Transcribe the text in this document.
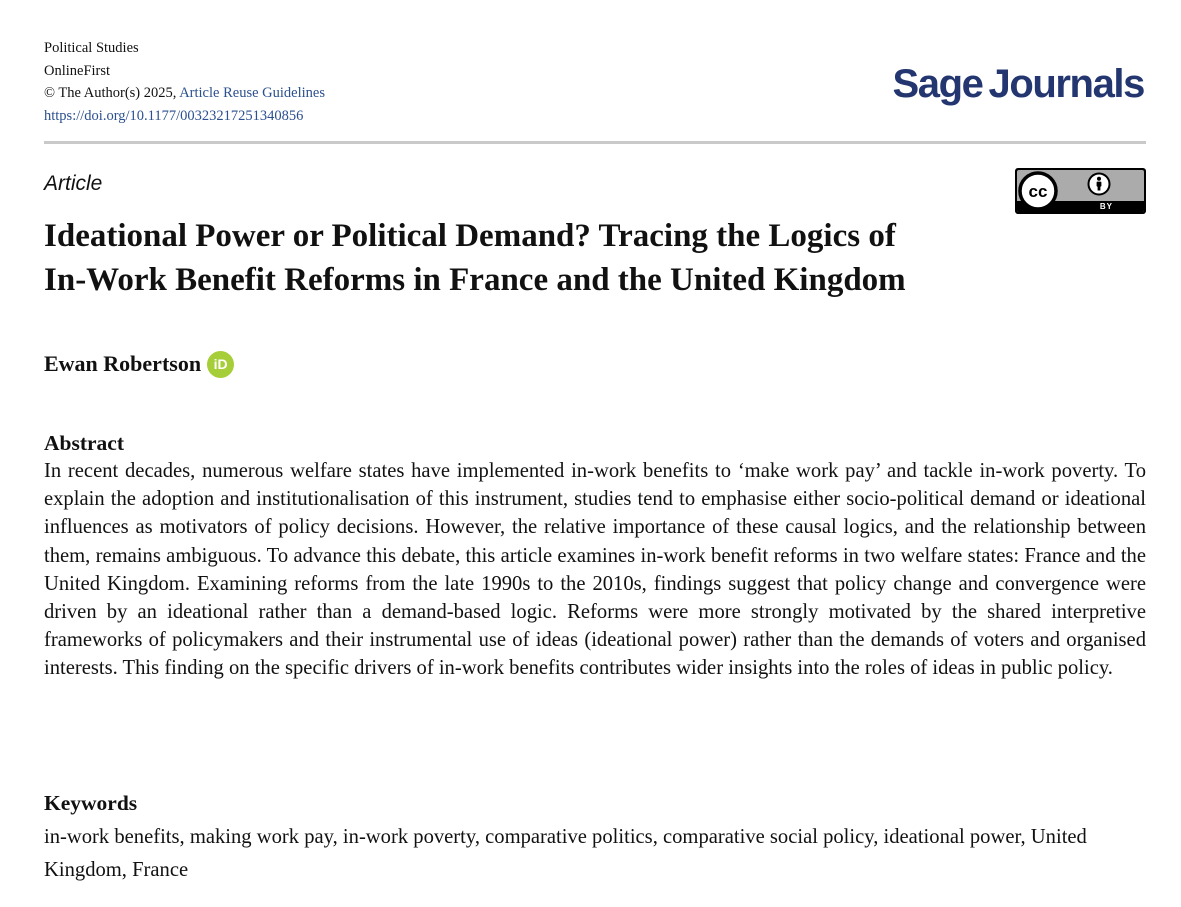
Political Studies
OnlineFirst
© The Author(s) 2025, Article Reuse Guidelines
https://doi.org/10.1177/00323217251340856
Sage Journals
Article	cc
BY
Ideational Power or Political Demand? Tracing the Logics of
In-Work Benefit Reforms in France and the United Kingdom
Ewan Robertson iD
Abstract

In recent decades, numerous welfare states have implemented in-work benefits to ‘make work pay’ and tackle in-work poverty. To explain the adoption and institutionalisation of this instrument, studies tend to emphasise either socio-political demand or ideational influences as motivators of policy decisions. However, the relative importance of these causal logics, and the relationship between them, remains ambiguous. To advance this debate, this article examines in-work benefit reforms in two welfare states: France and the United Kingdom. Examining reforms from the late 1990s to the 2010s, findings suggest that policy change and convergence were driven by an ideational rather than a demand-based logic. Reforms were more strongly motivated by the shared interpretive frameworks of policymakers and their instrumental use of ideas (ideational power) rather than the demands of voters and organised interests. This finding on the specific drivers of in-work benefits contributes wider insights into the roles of ideas in public policy.

Keywords

in-work benefits, making work pay, in-work poverty, comparative politics, comparative social policy, ideational power, United Kingdom, France
